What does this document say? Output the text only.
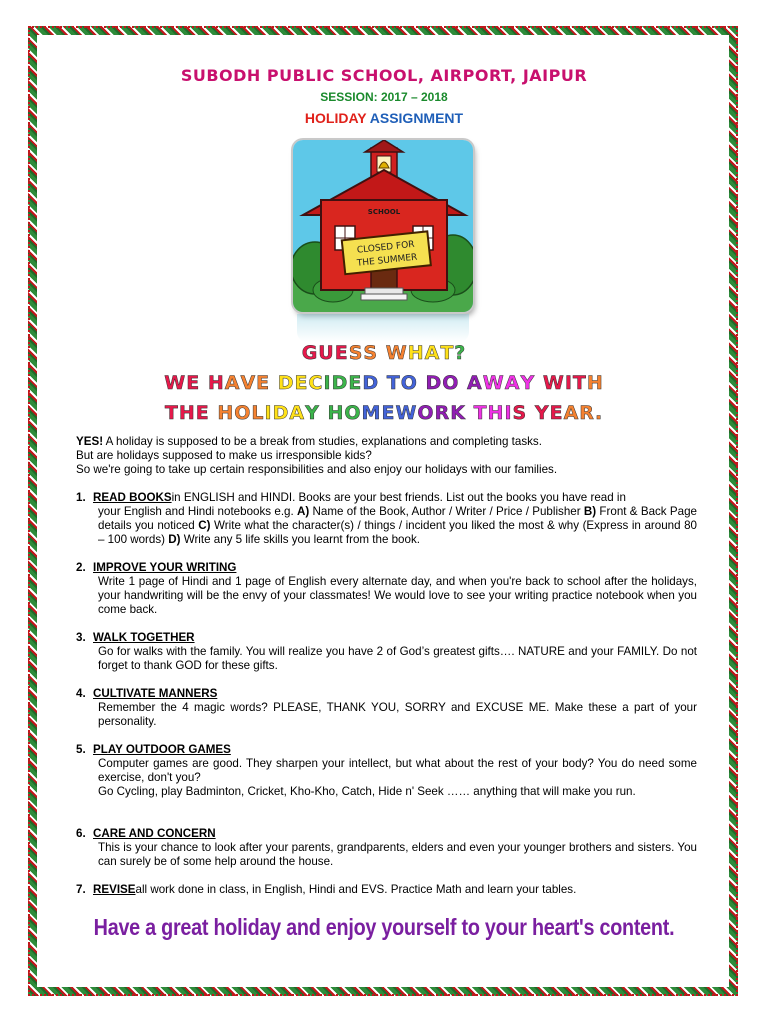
SUBODH PUBLIC SCHOOL, AIRPORT, JAIPUR
SESSION: 2017 – 2018
HOLIDAY ASSIGNMENT
SCHOOL
CLOSED FOR
THE SUMMER
GUESS WHAT?
WE HAVE DECIDED TO DO AWAY WITH
THE HOLIDAY HOMEWORK THIS YEAR.

YES! A holiday is supposed to be a break from studies, explanations and completing tasks.

But are holidays supposed to make us irresponsible kids?

So we're going to take up certain responsibilities and also enjoy our holidays with our families.

1. READ BOOKS in ENGLISH and HINDI. Books are your best friends. List out the books you have read in
your English and Hindi notebooks e.g. A) Name of the Book, Author / Writer / Price / Publisher B) Front & Back Page details you noticed C) Write what the character(s) / things / incident you liked the most & why (Express in around 80 – 100 words) D) Write any 5 life skills you learnt from the book.
2. IMPROVE YOUR WRITING
Write 1 page of Hindi and 1 page of English every alternate day, and when you're back to school after the holidays, your handwriting will be the envy of your classmates! We would love to see your writing practice notebook when you come back.
3. WALK TOGETHER
Go for walks with the family. You will realize you have 2 of God’s greatest gifts…. NATURE and your FAMILY. Do not forget to thank GOD for these gifts.
4. CULTIVATE MANNERS
Remember the 4 magic words? PLEASE, THANK YOU, SORRY and EXCUSE ME. Make these a part of your personality.
5. PLAY OUTDOOR GAMES
Computer games are good. They sharpen your intellect, but what about the rest of your body? You do need some exercise, don't you?
Go Cycling, play Badminton, Cricket, Kho-Kho, Catch, Hide n' Seek …… anything that will make you run.
6. CARE AND CONCERN
This is your chance to look after your parents, grandparents, elders and even your younger brothers and sisters. You can surely be of some help around the house.
7. REVISE all work done in class, in English, Hindi and EVS. Practice Math and learn your tables.
Have a great holiday and enjoy yourself to your heart's content.
